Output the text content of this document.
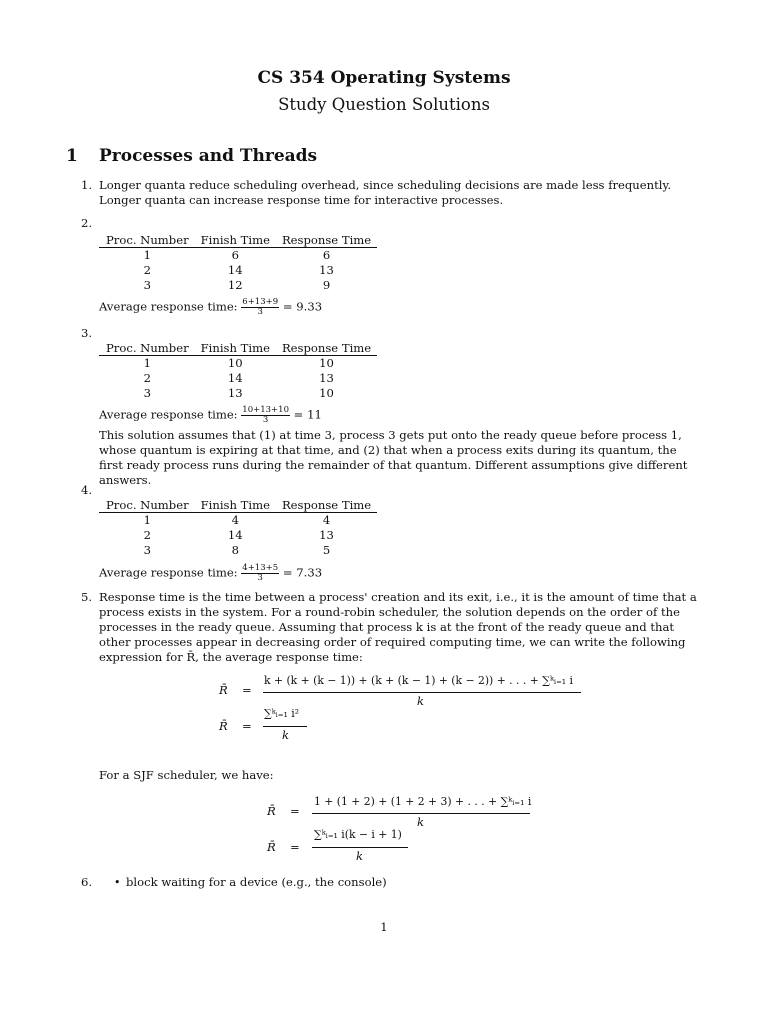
CS 354 Operating Systems
Study Question Solutions
1 Processes and Threads
1. Longer quanta reduce scheduling overhead, since scheduling decisions are made less frequently. Longer quanta can increase response time for interactive processes.
2.
Proc. Number	Finish Time	Response Time
1	6	6
2	14	13
3	12	9
Average response time: $\frac{6+13+9}{3} = 9.33$
3.
Proc. Number	Finish Time	Response Time
1	10	10
2	14	13
3	13	10
Average response time: $\frac{10+13+10}{3} = 11$
This solution assumes that (1) at time 3, process 3 gets put onto the ready queue before process 1, whose quantum is expiring at that time, and (2) that when a process exits during its quantum, the first ready process runs during the remainder of that quantum. Different assumptions give different answers.
4.
Proc. Number	Finish Time	Response Time
1	4	4
2	14	13
3	8	5
Average response time: $\frac{4+13+5}{3} = 7.33$
5. Response time is the time between a process' creation and its exit, i.e., it is the amount of time that a process exists in the system. For a round-robin scheduler, the solution depends on the order of the processes in the ready queue. Assuming that process k is at the front of the ready queue and that other processes appear in decreasing order of required computing time, we can write the following expression for R̄, the average response time:
R̄ =
k + (k + (k − 1)) + (k + (k − 1) + (k − 2)) + . . . + ∑ᵏᵢ₌₁ i
k
R̄ =
∑ᵏᵢ₌₁ i²
k
For a SJF scheduler, we have:
R̄ =
1 + (1 + 2) + (1 + 2 + 3) + . . . + ∑ᵏᵢ₌₁ i
k
R̄ =
∑ᵏᵢ₌₁ i(k − i + 1)
k
6. • block waiting for a device (e.g., the console)
1
